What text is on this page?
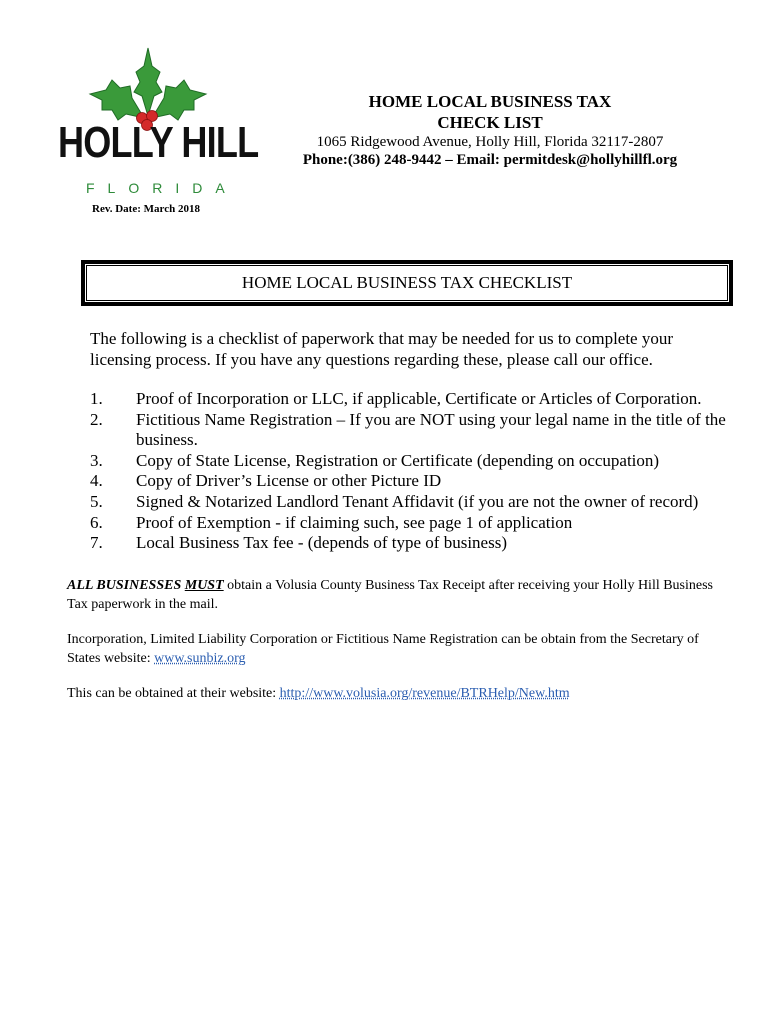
HOLLY HILL
FLORIDA
Rev. Date: March 2018
HOME LOCAL BUSINESS TAX
CHECK LIST
1065 Ridgewood Avenue, Holly Hill, Florida 32117-2807
Phone:(386) 248-9442 – Email: permitdesk@hollyhillfl.org
HOME LOCAL BUSINESS TAX CHECKLIST
The following is a checklist of paperwork that may be needed for us to complete your licensing process. If you have any questions regarding these, please call our office.
1.	Proof of Incorporation or LLC, if applicable, Certificate or Articles of Corporation.
2.	Fictitious Name Registration – If you are NOT using your legal name in the title of the business.
3.	Copy of State License, Registration or Certificate (depending on occupation)
4.	Copy of Driver’s License or other Picture ID
5.	Signed & Notarized Landlord Tenant Affidavit (if you are not the owner of record)
6.	Proof of Exemption - if claiming such, see page 1 of application
7.	Local Business Tax fee - (depends of type of business)
ALL BUSINESSES MUST obtain a Volusia County Business Tax Receipt after receiving your Holly Hill Business Tax paperwork in the mail.
Incorporation, Limited Liability Corporation or Fictitious Name Registration can be obtain from the Secretary of States website: www.sunbiz.org
This can be obtained at their website: http://www.volusia.org/revenue/BTRHelp/New.htm
